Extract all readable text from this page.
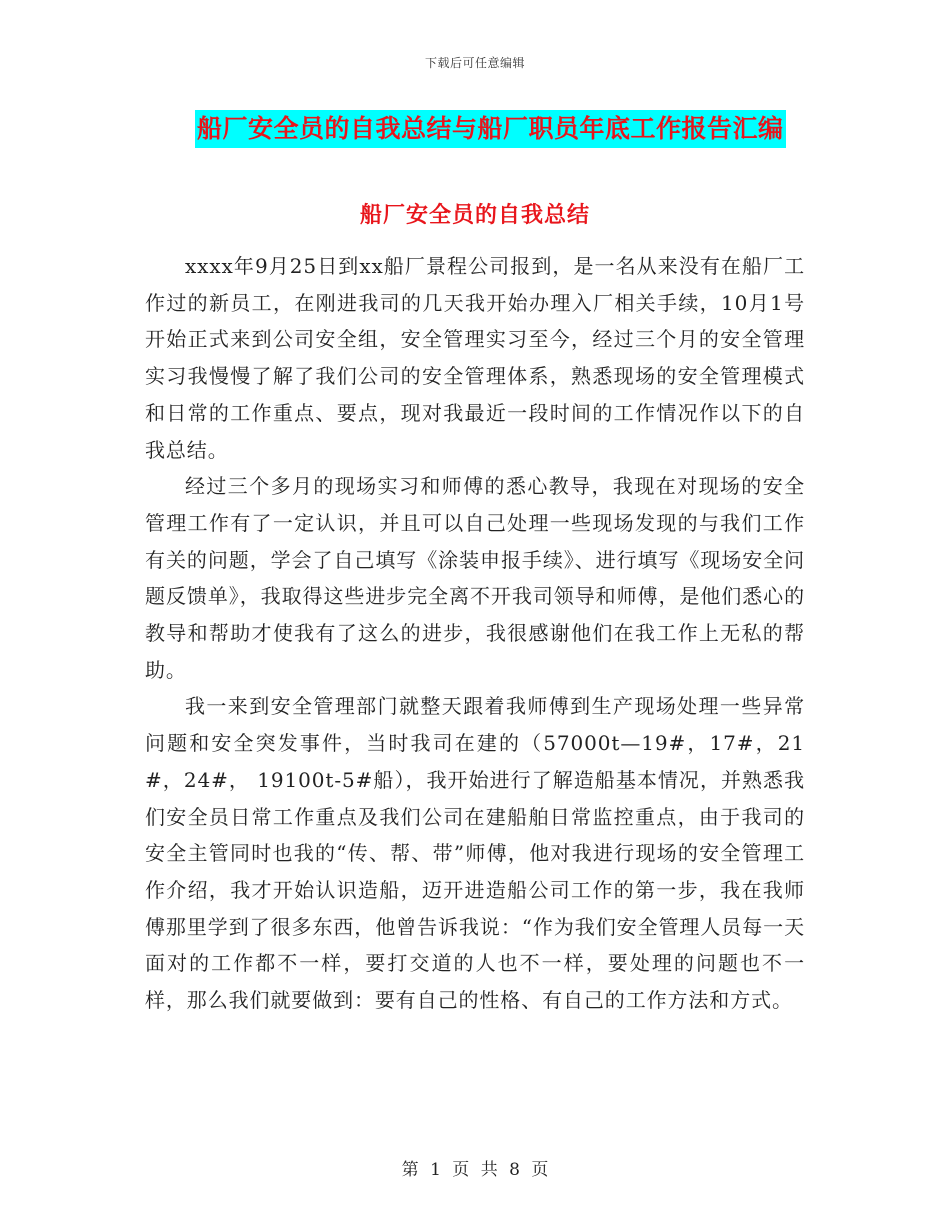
下载后可任意编辑
船厂安全员的自我总结与船厂职员年底工作报告汇编
船厂安全员的自我总结

xxxx年9月25日到xx船厂景程公司报到，是一名从来没有在船厂工作过的新员工，在刚进我司的几天我开始办理入厂相关手续，10月1号开始正式来到公司安全组，安全管理实习至今，经过三个月的安全管理实习我慢慢了解了我们公司的安全管理体系，熟悉现场的安全管理模式和日常的工作重点、要点，现对我最近一段时间的工作情况作以下的自我总结。

经过三个多月的现场实习和师傅的悉心教导，我现在对现场的安全管理工作有了一定认识，并且可以自己处理一些现场发现的与我们工作有关的问题，学会了自己填写《涂装申报手续》、进行填写《现场安全问题反馈单》，我取得这些进步完全离不开我司领导和师傅，是他们悉心的教导和帮助才使我有了这么的进步，我很感谢他们在我工作上无私的帮助。

我一来到安全管理部门就整天跟着我师傅到生产现场处理一些异常问题和安全突发事件，当时我司在建的（57000t—19#，17#，21#，24#， 19100t-5#船），我开始进行了解造船基本情况，并熟悉我们安全员日常工作重点及我们公司在建船舶日常监控重点，由于我司的安全主管同时也我的“传、帮、带”师傅，他对我进行现场的安全管理工作介绍，我才开始认识造船，迈开进造船公司工作的第一步，我在我师傅那里学到了很多东西，他曾告诉我说：“作为我们安全管理人员每一天面对的工作都不一样，要打交道的人也不一样，要处理的问题也不一样，那么我们就要做到：要有自己的性格、有自己的工作方法和方式。

第 1 页 共 8 页
